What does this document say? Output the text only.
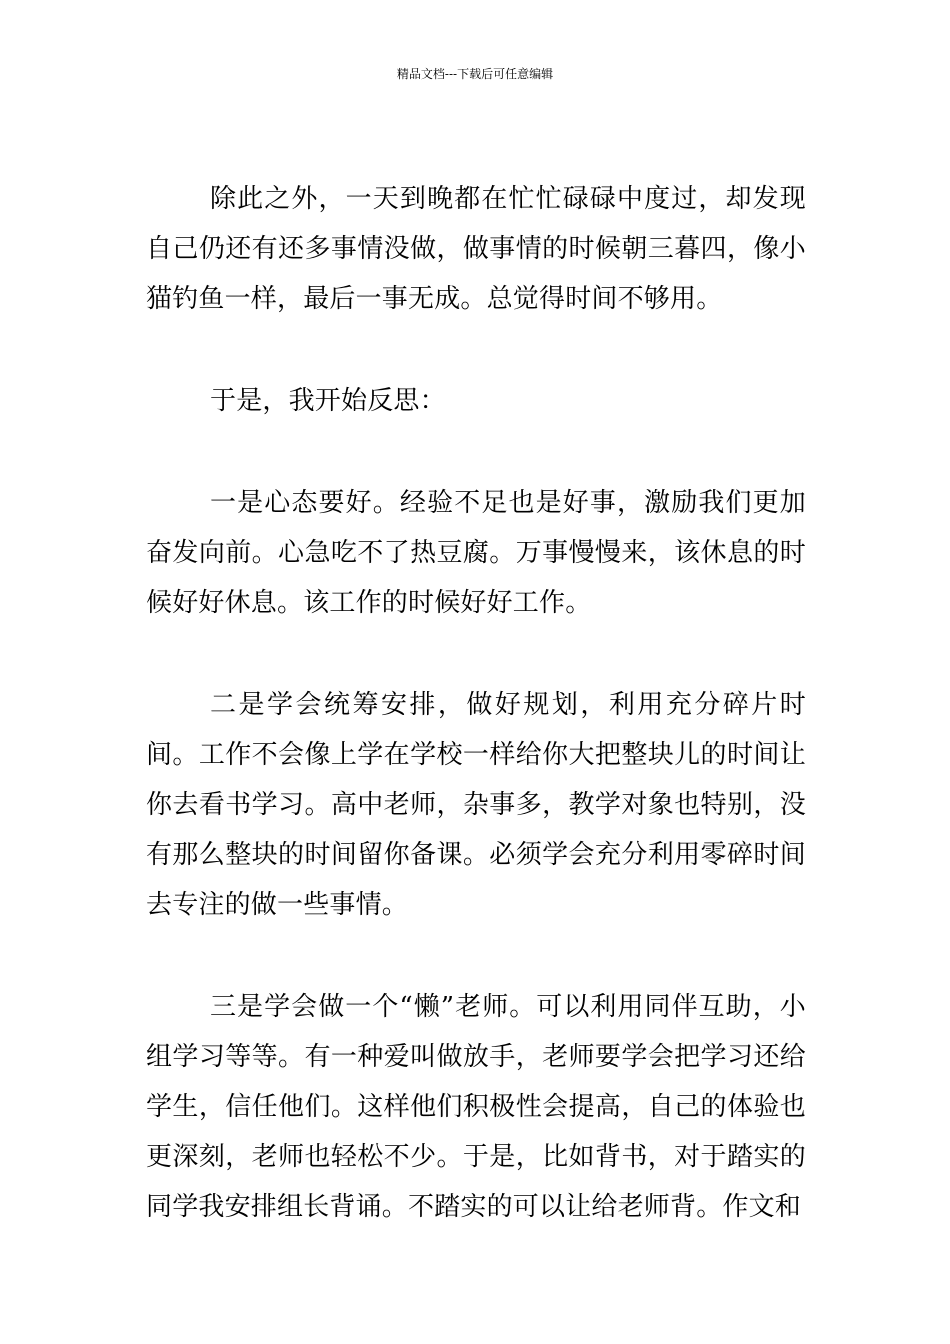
精品文档---下载后可任意编辑

除此之外，一天到晚都在忙忙碌碌中度过，却发现自己仍还有还多事情没做，做事情的时候朝三暮四，像小猫钓鱼一样，最后一事无成。总觉得时间不够用。

于是，我开始反思：

一是心态要好。经验不足也是好事，激励我们更加奋发向前。心急吃不了热豆腐。万事慢慢来，该休息的时候好好休息。该工作的时候好好工作。

二是学会统筹安排，做好规划，利用充分碎片时间。工作不会像上学在学校一样给你大把整块儿的时间让你去看书学习。高中老师，杂事多，教学对象也特别，没有那么整块的时间留你备课。必须学会充分利用零碎时间去专注的做一些事情。

三是学会做一个“懒”老师。可以利用同伴互助，小组学习等等。有一种爱叫做放手，老师要学会把学习还给学生，信任他们。这样他们积极性会提高，自己的体验也更深刻，老师也轻松不少。于是，比如背书，对于踏实的同学我安排组长背诵。不踏实的可以让给老师背。作文和
